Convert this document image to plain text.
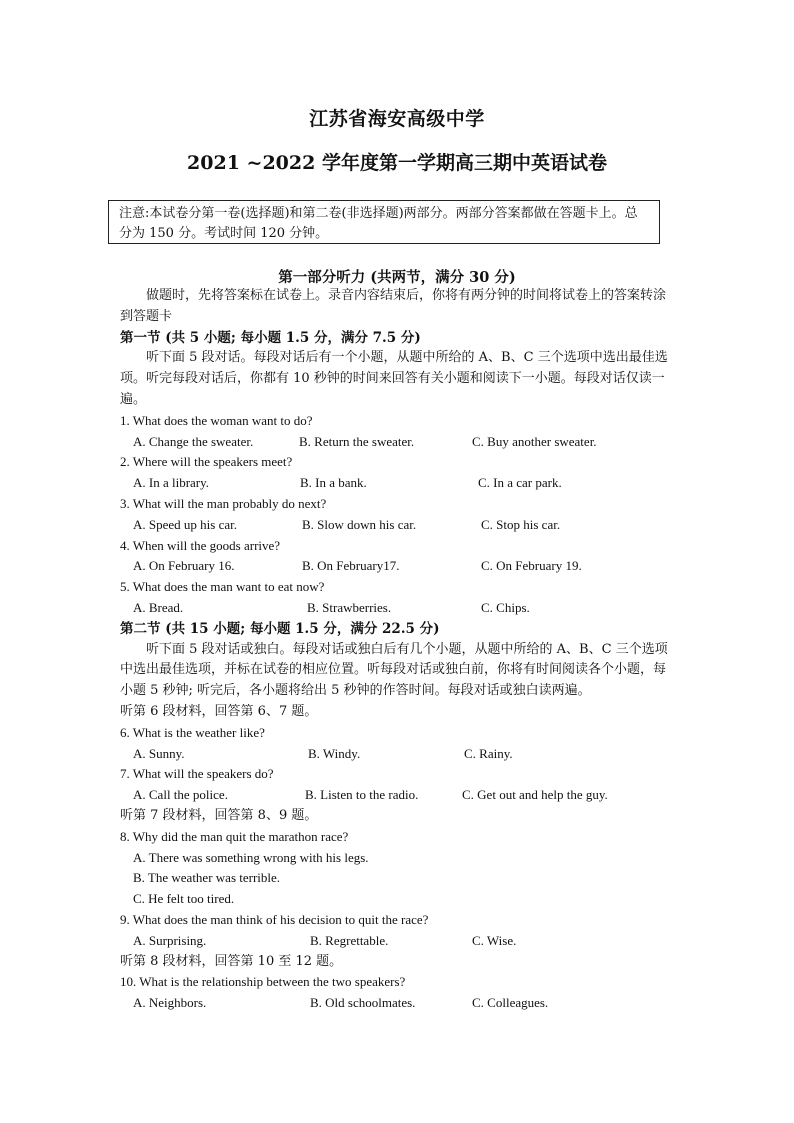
江苏省海安高级中学
2021 ~2022 学年度第一学期高三期中英语试卷
注意:本试卷分第一卷(选择题)和第二卷(非选择题)两部分。两部分答案都做在答题卡上。总分为 150 分。考试时间 120 分钟。
第一部分听力 (共两节，满分 30 分)

做题时，先将答案标在试卷上。录音内容结束后，你将有两分钟的时间将试卷上的答案转涂到答题卡

第一节 (共 5 小题; 每小题 1.5 分，满分 7.5 分)

听下面 5 段对话。每段对话后有一个小题，从题中所给的 A、B、C 三个选项中选出最佳选项。听完每段对话后，你都有 10 秒钟的时间来回答有关小题和阅读下一小题。每段对话仅读一遍。

1. What does the woman want to do?

A. Change the sweater.	B. Return the sweater.	C. Buy another sweater.

2. Where will the speakers meet?

A. In a library.	B. In a bank.	C. In a car park.

3. What will the man probably do next?

A. Speed up his car.	B. Slow down his car.	C. Stop his car.

4. When will the goods arrive?

A. On February 16.	B. On February17.	C. On February 19.

5. What does the man want to eat now?

A. Bread.	B. Strawberries.	C. Chips.

第二节 (共 15 小题; 每小题 1.5 分，满分 22.5 分)

听下面 5 段对话或独白。每段对话或独白后有几个小题，从题中所给的 A、B、C 三个选项中选出最佳选项，并标在试卷的相应位置。听每段对话或独白前，你将有时间阅读各个小题，每小题 5 秒钟; 听完后，各小题将给出 5 秒钟的作答时间。每段对话或独白读两遍。

听第 6 段材料，回答第 6、7 题。

6. What is the weather like?

A. Sunny.	B. Windy.	C. Rainy.

7. What will the speakers do?

A. Call the police.	B. Listen to the radio.	C. Get out and help the guy.

听第 7 段材料，回答第 8、9 题。

8. Why did the man quit the marathon race?

A. There was something wrong with his legs.

B. The weather was terrible.

C. He felt too tired.

9. What does the man think of his decision to quit the race?

A. Surprising.	B. Regrettable.	C. Wise.

听第 8 段材料，回答第 10 至 12 题。

10. What is the relationship between the two speakers?

A. Neighbors.	B. Old schoolmates.	C. Colleagues.
